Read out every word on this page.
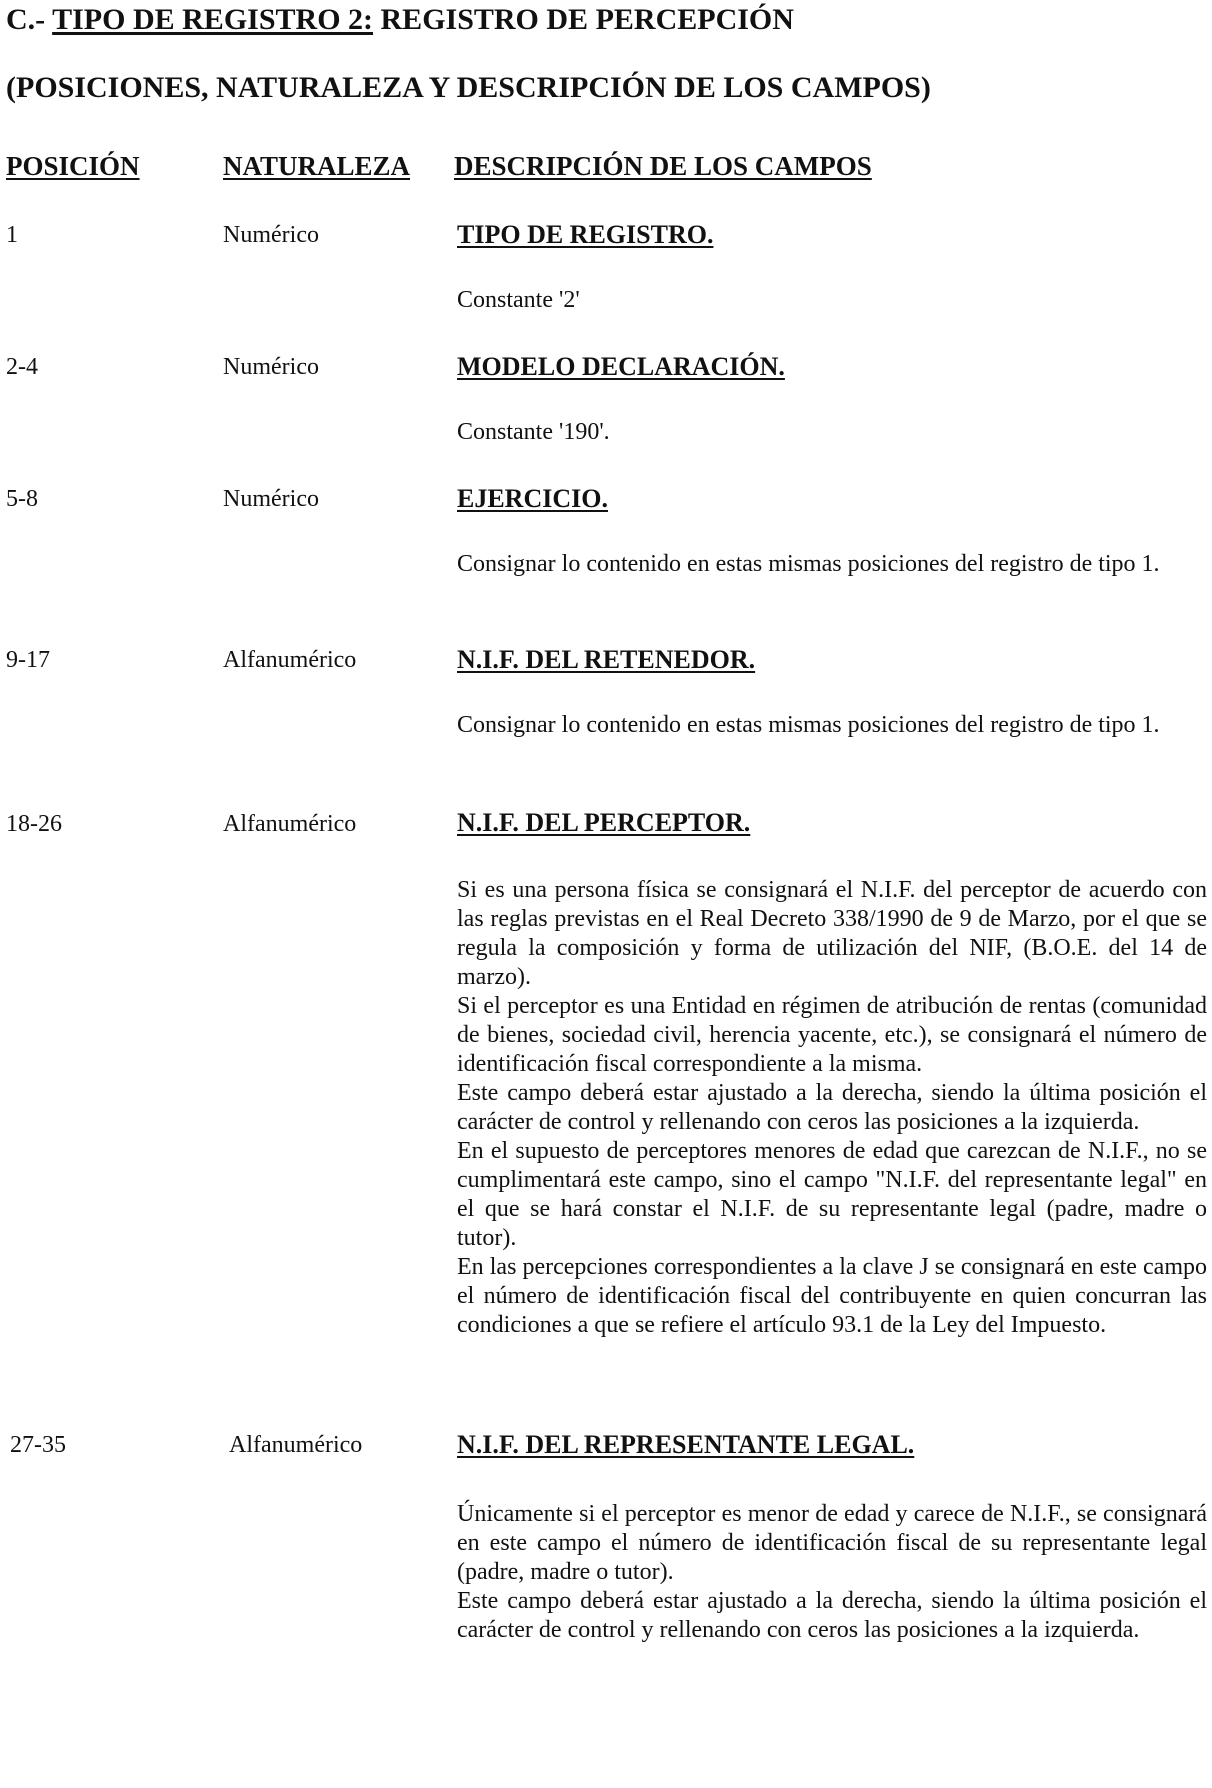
C.- TIPO DE REGISTRO 2: REGISTRO DE PERCEPCIÓN
(POSICIONES, NATURALEZA Y DESCRIPCIÓN DE LOS CAMPOS)
POSICIÓN	NATURALEZA DESCRIPCIÓN DE LOS CAMPOS
1	Numérico	TIPO DE REGISTRO.

Constante '2'

2-4	Numérico	MODELO DECLARACIÓN.

Constante '190'.

5-8	Numérico	EJERCICIO.

Consignar lo contenido en estas mismas posiciones del registro de tipo 1.

9-17	Alfanumérico	N.I.F. DEL RETENEDOR.

Consignar lo contenido en estas mismas posiciones del registro de tipo 1.

18-26	Alfanumérico	N.I.F. DEL PERCEPTOR.

Si es una persona física se consignará el N.I.F. del perceptor de acuerdo con las reglas previstas en el Real Decreto 338/1990 de 9 de Marzo, por el que se regula la composición y forma de utilización del NIF, (B.O.E. del 14 de marzo).

Si el perceptor es una Entidad en régimen de atribución de rentas (comunidad de bienes, sociedad civil, herencia yacente, etc.), se consignará el número de identificación fiscal correspondiente a la misma.

Este campo deberá estar ajustado a la derecha, siendo la última posición el carácter de control y rellenando con ceros las posiciones a la izquierda.

En el supuesto de perceptores menores de edad que carezcan de N.I.F., no se cumplimentará este campo, sino el campo "N.I.F. del representante legal" en el que se hará constar el N.I.F. de su representante legal (padre, madre o tutor).

En las percepciones correspondientes a la clave J se consignará en este campo el número de identificación fiscal del contribuyente en quien concurran las condiciones a que se refiere el artículo 93.1 de la Ley del Impuesto.

27-35	Alfanumérico	N.I.F. DEL REPRESENTANTE LEGAL.

Únicamente si el perceptor es menor de edad y carece de N.I.F., se consignará en este campo el número de identificación fiscal de su representante legal (padre, madre o tutor).

Este campo deberá estar ajustado a la derecha, siendo la última posición el carácter de control y rellenando con ceros las posiciones a la izquierda.
